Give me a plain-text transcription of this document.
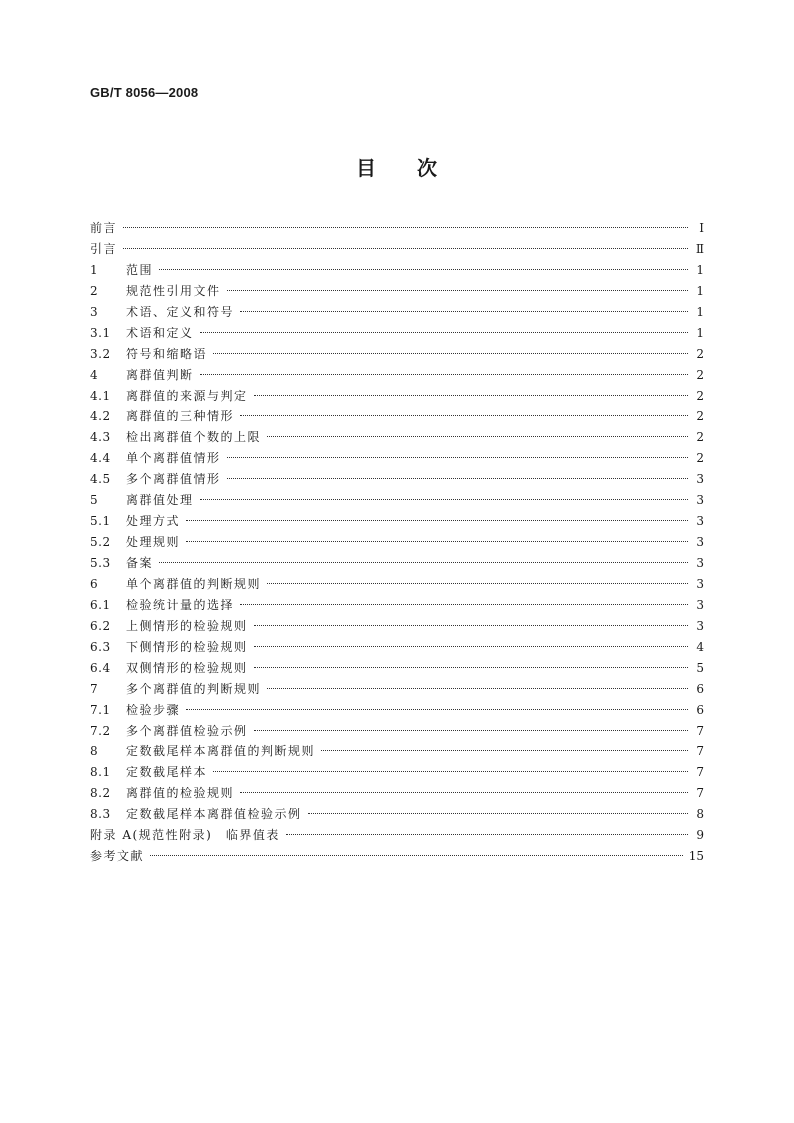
GB/T 8056—2008
目 次
前言	Ⅰ
引言	Ⅱ
1	范围	1
2	规范性引用文件	1
3	术语、定义和符号	1
3.1	术语和定义	1
3.2	符号和缩略语	2
4	离群值判断	2
4.1	离群值的来源与判定	2
4.2	离群值的三种情形	2
4.3	检出离群值个数的上限	2
4.4	单个离群值情形	2
4.5	多个离群值情形	3
5	离群值处理	3
5.1	处理方式	3
5.2	处理规则	3
5.3	备案	3
6	单个离群值的判断规则	3
6.1	检验统计量的选择	3
6.2	上侧情形的检验规则	3
6.3	下侧情形的检验规则	4
6.4	双侧情形的检验规则	5
7	多个离群值的判断规则	6
7.1	检验步骤	6
7.2	多个离群值检验示例	7
8	定数截尾样本离群值的判断规则	7
8.1	定数截尾样本	7
8.2	离群值的检验规则	7
8.3	定数截尾样本离群值检验示例	8
附录 A(规范性附录)　临界值表	9
参考文献	15
